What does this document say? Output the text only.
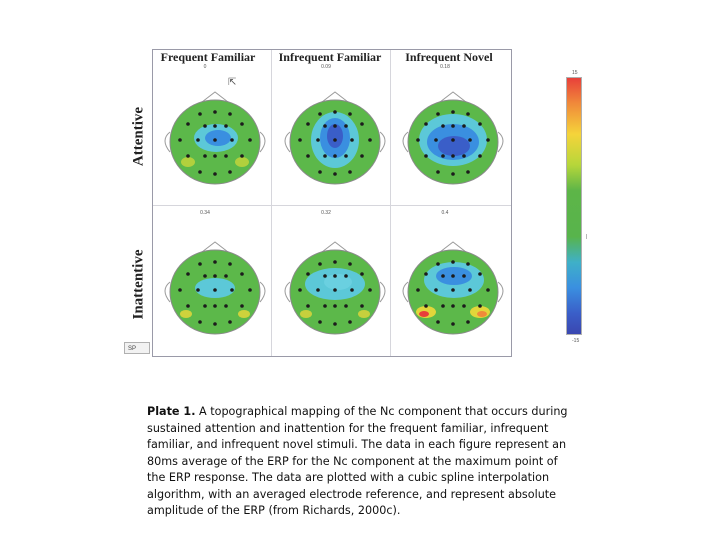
Frequent Familiar	Infrequent Familiar	Infrequent Novel
Attentive
Inattentive
0	0.09	0.18
0.34	0.32	0.4
⇱
15
|
-15
SP
Plate 1. A topographical mapping of the Nc component that occurs during sustained attention and inattention for the frequent familiar, infrequent familiar, and infrequent novel stimuli. The data in each figure represent an 80ms average of the ERP for the Nc component at the maximum point of the ERP response. The data are plotted with a cubic spline interpolation algorithm, with an averaged electrode reference, and represent absolute amplitude of the ERP (from Richards, 2000c).
